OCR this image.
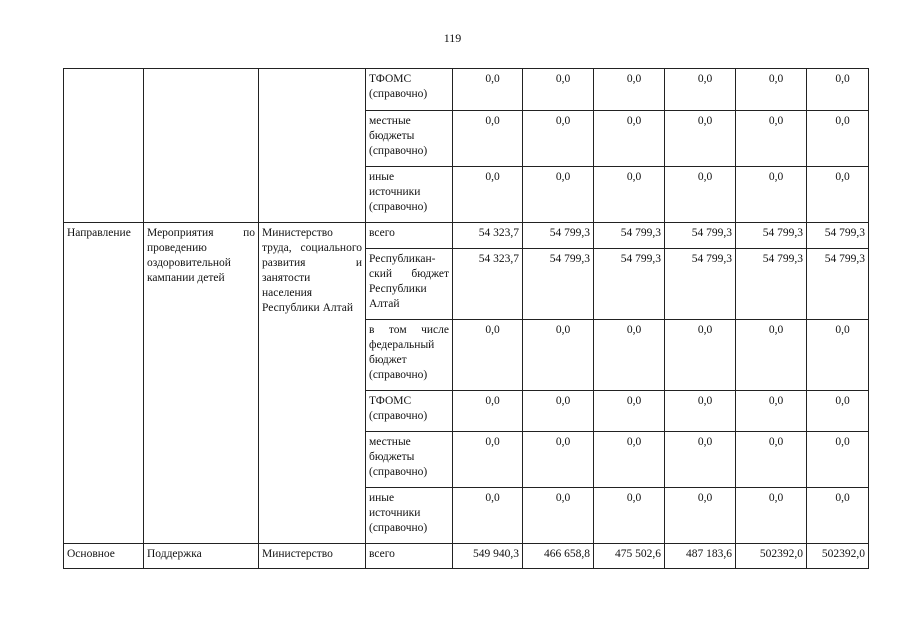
119
			ТФОМС
(справочно)	0,0	0,0	0,0	0,0	0,0	0,0
			местные
бюджеты
(справочно)	0,0	0,0	0,0	0,0	0,0	0,0
			иные
источники
(справочно)	0,0	0,0	0,0	0,0	0,0	0,0
Направление	Мероприятия по проведению оздоровительной кампании детей	Министерство труда, социального развития и занятости населения Республики Алтай	всего	54 323,7	54 799,3	54 799,3	54 799,3	54 799,3	54 799,3
			Республикан-ский бюджет Республики Алтай	54 323,7	54 799,3	54 799,3	54 799,3	54 799,3	54 799,3
			в том числе федеральный бюджет (справочно)	0,0	0,0	0,0	0,0	0,0	0,0
			ТФОМС
(справочно)	0,0	0,0	0,0	0,0	0,0	0,0
			местные
бюджеты
(справочно)	0,0	0,0	0,0	0,0	0,0	0,0
			иные
источники
(справочно)	0,0	0,0	0,0	0,0	0,0	0,0
Основное	Поддержка	Министерство	всего	549 940,3	466 658,8	475 502,6	487 183,6	502392,0	502392,0
